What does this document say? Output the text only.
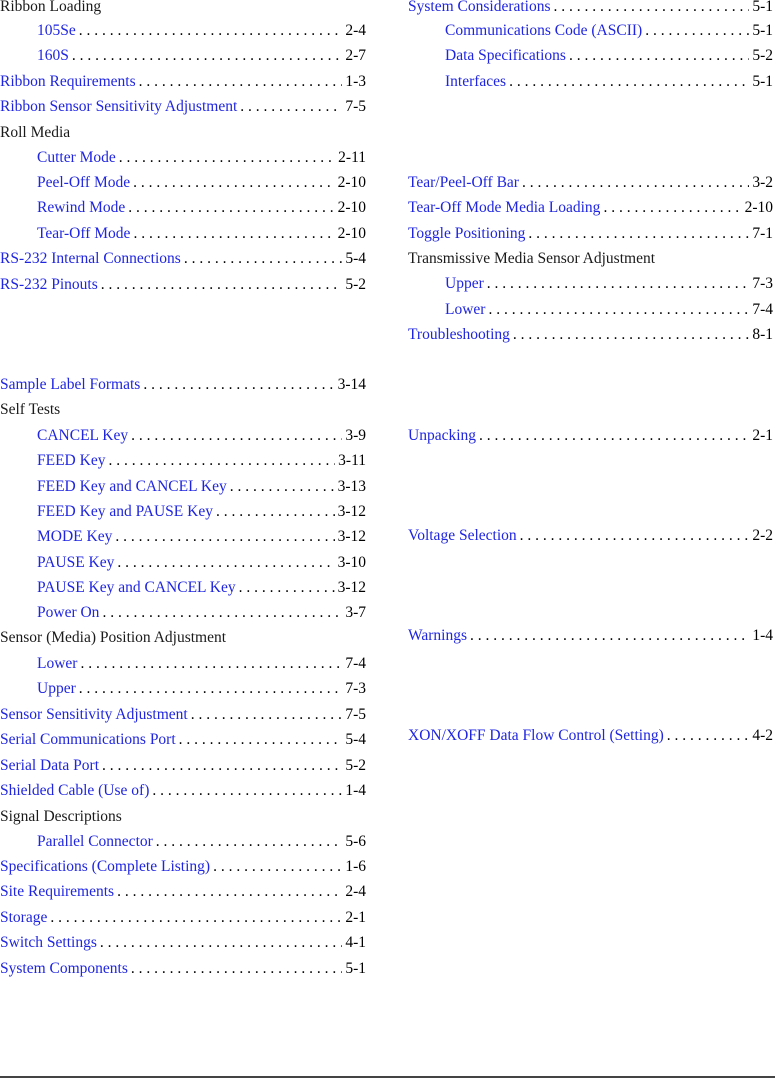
Ribbon Loading
105Se . . .	2-4
160S . . .	2-7
Ribbon Requirements . . .	1-3
Ribbon Sensor Sensitivity Adjustment . . .	7-5
Roll Media
Cutter Mode . . .	2-11
Peel-Off Mode . . .	2-10
Rewind Mode . . .	2-10
Tear-Off Mode . . .	2-10
RS-232 Internal Connections . . .	5-4
RS-232 Pinouts . . .	5-2
Sample Label Formats . . .	3-14
Self Tests
CANCEL Key . . .	3-9
FEED Key . . .	3-11
FEED Key and CANCEL Key . . .	3-13
FEED Key and PAUSE Key . . .	3-12
MODE Key . . .	3-12
PAUSE Key . . .	3-10
PAUSE Key and CANCEL Key . . .	3-12
Power On . . .	3-7
Sensor (Media) Position Adjustment
Lower . . .	7-4
Upper . . .	7-3
Sensor Sensitivity Adjustment . . .	7-5
Serial Communications Port . . .	5-4
Serial Data Port . . .	5-2
Shielded Cable (Use of) . . .	1-4
Signal Descriptions
Parallel Connector . . .	5-6
Specifications (Complete Listing) . . .	1-6
Site Requirements . . .	2-4
Storage . . .	2-1
Switch Settings . . .	4-1
System Components . . .	5-1
System Considerations . . .	5-1
Communications Code (ASCII) . . .	5-1
Data Specifications . . .	5-2
Interfaces . . .	5-1
Tear/Peel-Off Bar . . .	3-2
Tear-Off Mode Media Loading . . .	2-10
Toggle Positioning . . .	7-1
Transmissive Media Sensor Adjustment
Upper . . .	7-3
Lower . . .	7-4
Troubleshooting . . .	8-1
Unpacking . . .	2-1
Voltage Selection . . .	2-2
Warnings . . .	1-4
XON/XOFF Data Flow Control (Setting) . . .	4-2
